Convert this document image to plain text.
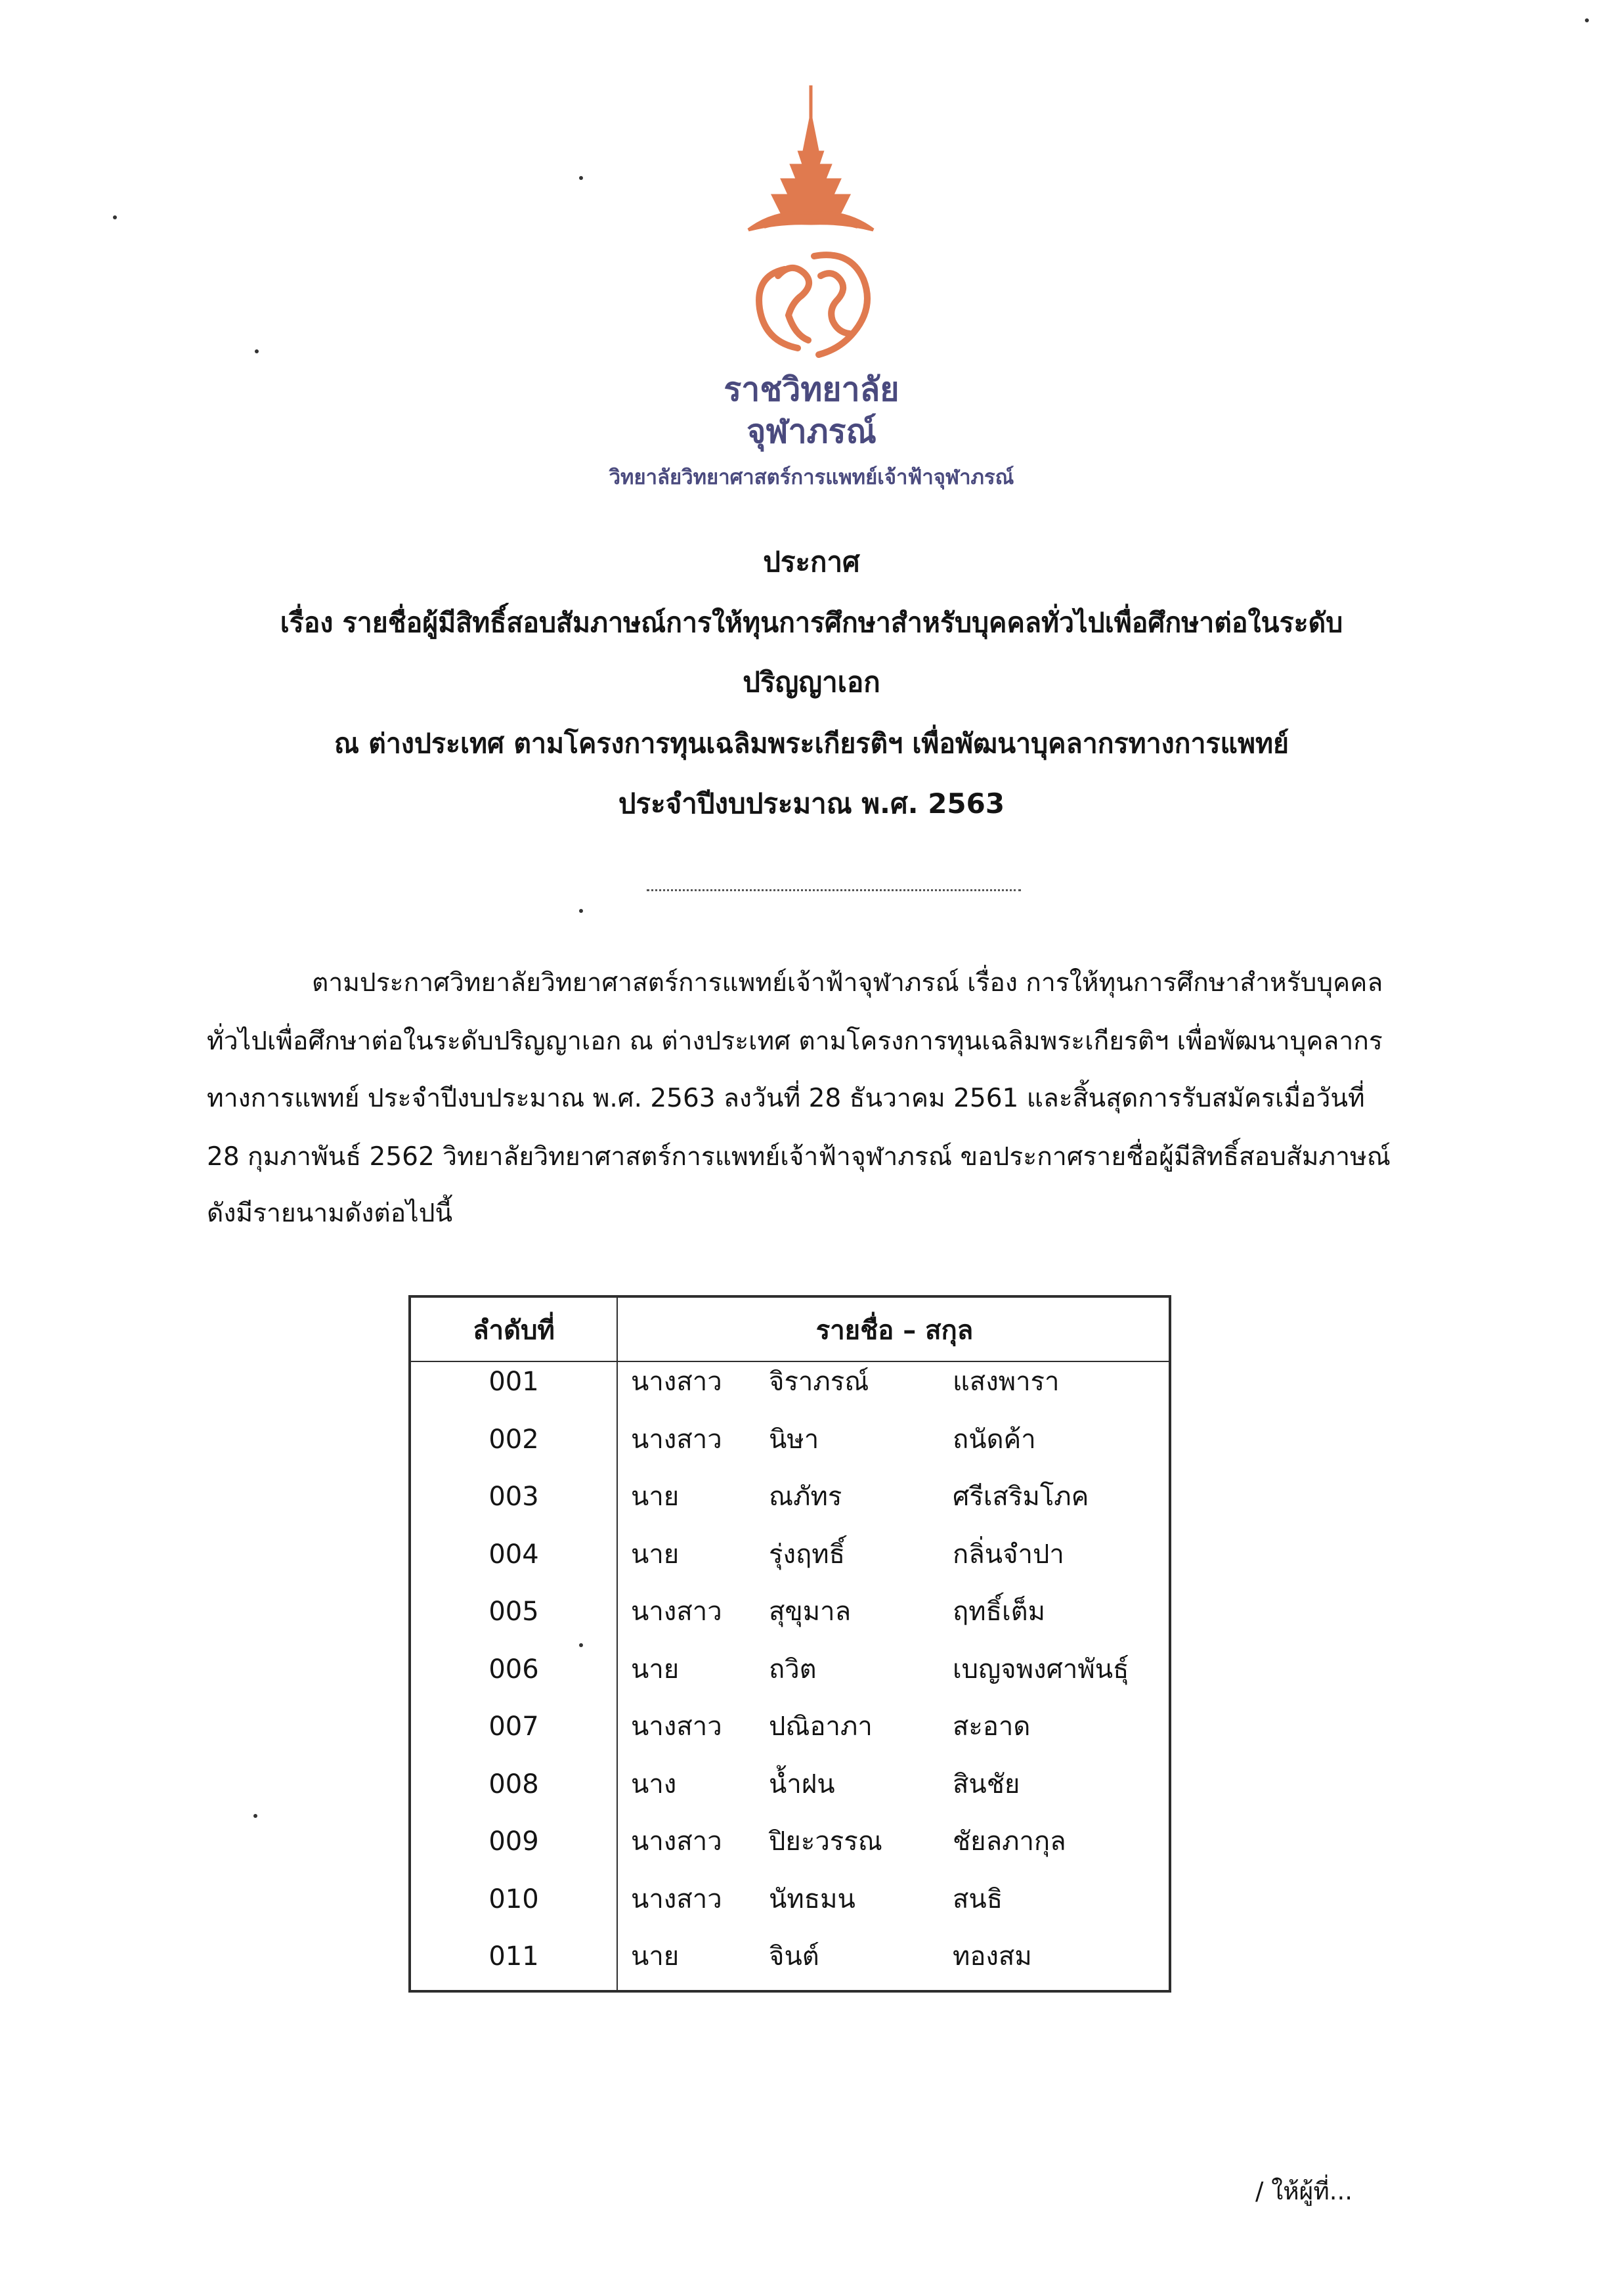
ราชวิทยาลัย
จุฬาภรณ์
วิทยาลัยวิทยาศาสตร์การแพทย์เจ้าฟ้าจุฬาภรณ์
ประกาศ
เรื่อง รายชื่อผู้มีสิทธิ์สอบสัมภาษณ์การให้ทุนการศึกษาสำหรับบุคคลทั่วไปเพื่อศึกษาต่อในระดับ
ปริญญาเอก
ณ ต่างประเทศ ตามโครงการทุนเฉลิมพระเกียรติฯ เพื่อพัฒนาบุคลากรทางการแพทย์
ประจำปีงบประมาณ พ.ศ. 2563
ตามประกาศวิทยาลัยวิทยาศาสตร์การแพทย์เจ้าฟ้าจุฬาภรณ์ เรื่อง การให้ทุนการศึกษาสำหรับบุคคล
ทั่วไปเพื่อศึกษาต่อในระดับปริญญาเอก ณ ต่างประเทศ ตามโครงการทุนเฉลิมพระเกียรติฯ เพื่อพัฒนาบุคลากร
ทางการแพทย์ ประจำปีงบประมาณ พ.ศ. 2563 ลงวันที่ 28 ธันวาคม 2561 และสิ้นสุดการรับสมัครเมื่อวันที่
28 กุมภาพันธ์ 2562 วิทยาลัยวิทยาศาสตร์การแพทย์เจ้าฟ้าจุฬาภรณ์ ขอประกาศรายชื่อผู้มีสิทธิ์สอบสัมภาษณ์
ดังมีรายนามดังต่อไปนี้
ลำดับที่	รายชื่อ – สกุล
001	นางสาว จิราภรณ์	แสงพารา
002	นางสาว นิษา	ถนัดค้า
003	นาย	ณภัทร	ศรีเสริมโภค
004	นาย	รุ่งฤทธิ์	กลิ่นจำปา
005	นางสาว สุขุมาล	ฤทธิ์เต็ม
006	นาย	ถวิต	เบญจพงศาพันธุ์
007	นางสาว ปณิอาภา	สะอาด
008	นาง	น้ำฝน	สินชัย
009	นางสาว ปิยะวรรณ	ชัยลภากุล
010	นางสาว นัทธมน	สนธิ
011	นาย	จินต์	ทองสม
/ ให้ผู้ที่...
